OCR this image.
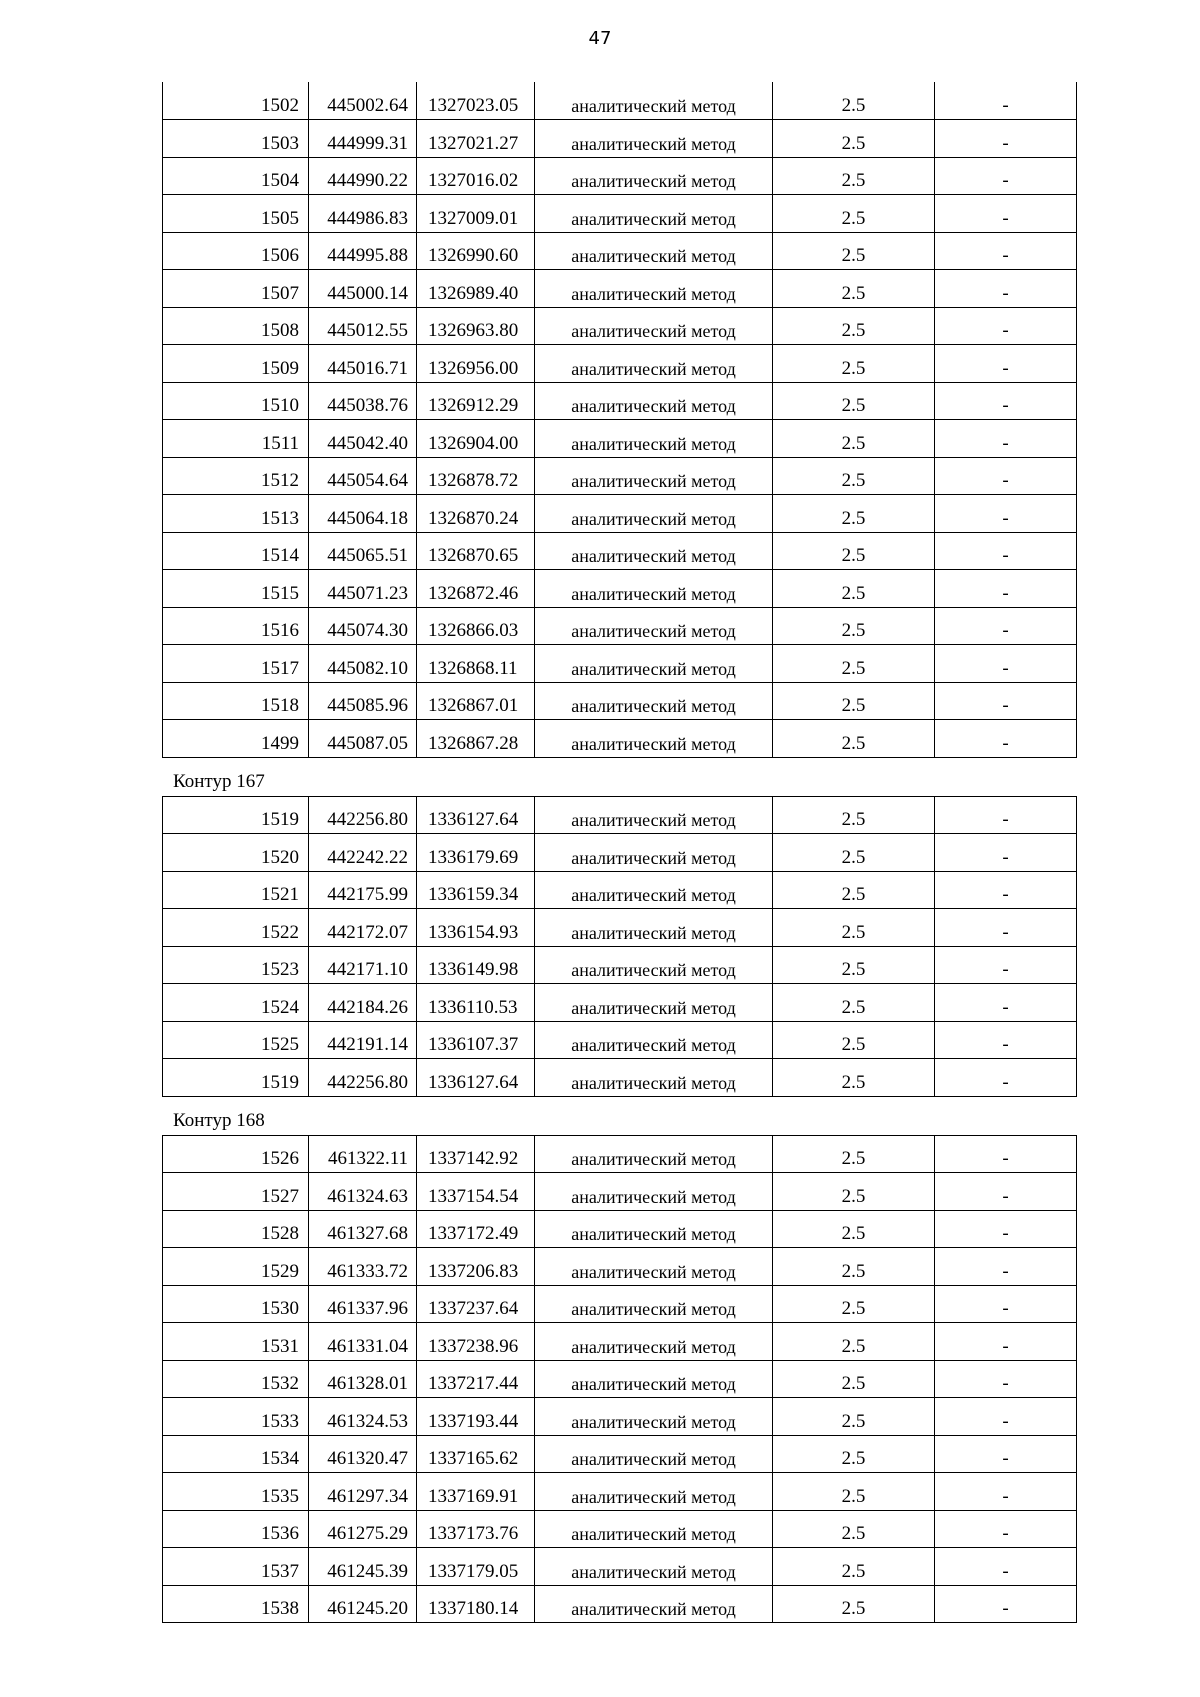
47
1502	445002.64	1327023.05	аналитический метод	2.5	-
1503	444999.31	1327021.27	аналитический метод	2.5	-
1504	444990.22	1327016.02	аналитический метод	2.5	-
1505	444986.83	1327009.01	аналитический метод	2.5	-
1506	444995.88	1326990.60	аналитический метод	2.5	-
1507	445000.14	1326989.40	аналитический метод	2.5	-
1508	445012.55	1326963.80	аналитический метод	2.5	-
1509	445016.71	1326956.00	аналитический метод	2.5	-
1510	445038.76	1326912.29	аналитический метод	2.5	-
1511	445042.40	1326904.00	аналитический метод	2.5	-
1512	445054.64	1326878.72	аналитический метод	2.5	-
1513	445064.18	1326870.24	аналитический метод	2.5	-
1514	445065.51	1326870.65	аналитический метод	2.5	-
1515	445071.23	1326872.46	аналитический метод	2.5	-
1516	445074.30	1326866.03	аналитический метод	2.5	-
1517	445082.10	1326868.11	аналитический метод	2.5	-
1518	445085.96	1326867.01	аналитический метод	2.5	-
1499	445087.05	1326867.28	аналитический метод	2.5	-
Контур 167
1519	442256.80	1336127.64	аналитический метод	2.5	-
1520	442242.22	1336179.69	аналитический метод	2.5	-
1521	442175.99	1336159.34	аналитический метод	2.5	-
1522	442172.07	1336154.93	аналитический метод	2.5	-
1523	442171.10	1336149.98	аналитический метод	2.5	-
1524	442184.26	1336110.53	аналитический метод	2.5	-
1525	442191.14	1336107.37	аналитический метод	2.5	-
1519	442256.80	1336127.64	аналитический метод	2.5	-
Контур 168
1526	461322.11	1337142.92	аналитический метод	2.5	-
1527	461324.63	1337154.54	аналитический метод	2.5	-
1528	461327.68	1337172.49	аналитический метод	2.5	-
1529	461333.72	1337206.83	аналитический метод	2.5	-
1530	461337.96	1337237.64	аналитический метод	2.5	-
1531	461331.04	1337238.96	аналитический метод	2.5	-
1532	461328.01	1337217.44	аналитический метод	2.5	-
1533	461324.53	1337193.44	аналитический метод	2.5	-
1534	461320.47	1337165.62	аналитический метод	2.5	-
1535	461297.34	1337169.91	аналитический метод	2.5	-
1536	461275.29	1337173.76	аналитический метод	2.5	-
1537	461245.39	1337179.05	аналитический метод	2.5	-
1538	461245.20	1337180.14	аналитический метод	2.5	-
